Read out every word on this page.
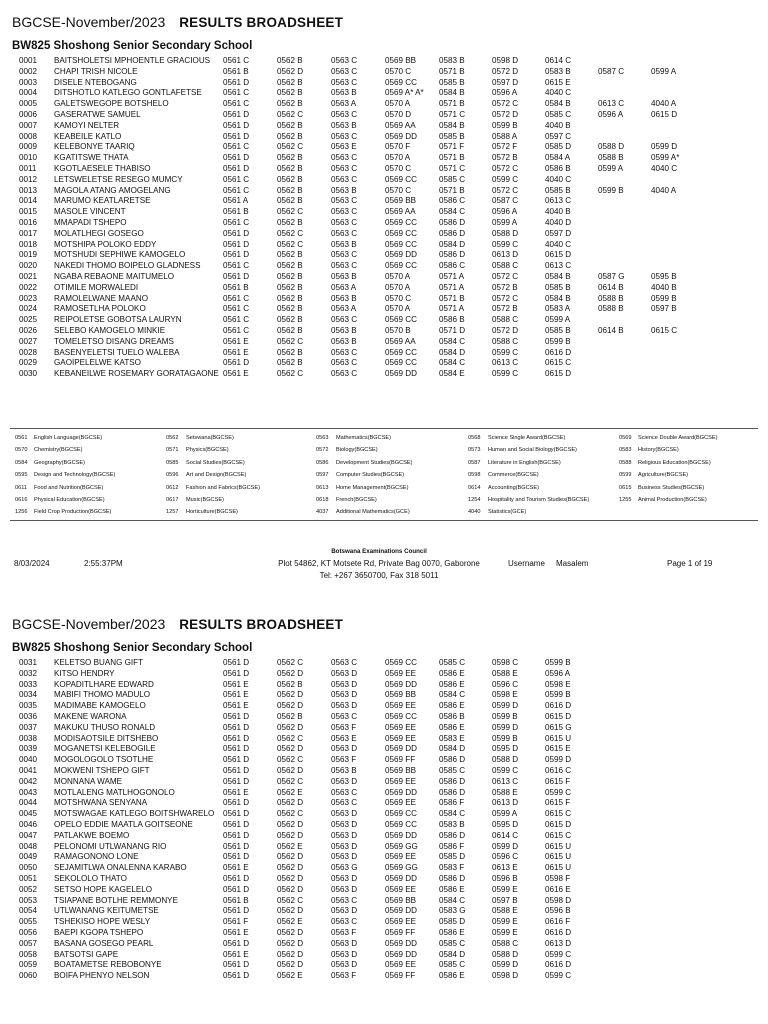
BGCSE-November/2023 RESULTS BROADSHEET
BW825 Shoshong Senior Secondary School
0001 BAITSHOLETSI MPHOENTLE GRACIOUS	0561 C	0562 B	0563 C	0569 BB	0583 B	0598 D	0614 C
0002 CHAPI TRISH NICOLE	0561 B	0562 D	0563 C	0570 C	0571 B	0572 D	0583 B	0587 C	0599 A
0003 DISELE NTEBOGANG	0561 D	0562 B	0563 C	0569 CC	0585 B	0597 D	0615 E
0004 DITSHOTLO KATLEGO GONTLAFETSE	0561 C	0562 B	0563 B	0569 A* A* 0584 B	0596 A	4040 C
0005 GALETSWEGOPE BOTSHELO	0561 C	0562 B	0563 A	0570 A	0571 B	0572 C	0584 B	0613 C	4040 A
0006 GASERATWE SAMUEL	0561 D	0562 C	0563 C	0570 D	0571 C	0572 D	0585 C	0596 A	0615 D
0007 KAMOYI NELTER	0561 D	0562 B	0563 B	0569 AA	0584 B	0599 B	4040 B
0008 KEABEILE KATLO	0561 D	0562 B	0563 C	0569 DD	0585 B	0588 A	0597 C
0009 KELEBONYE TAARIQ	0561 C	0562 C	0563 E	0570 F	0571 F	0572 F	0585 D	0588 D	0599 D
0010 KGATITSWE THATA	0561 D	0562 B	0563 C	0570 A	0571 B	0572 B	0584 A	0588 B	0599 A*
0011 KGOTLAESELE THABISO	0561 D	0562 B	0563 C	0570 C	0571 C	0572 C	0586 B	0599 A	4040 C
0012 LETSWELETSE RESEGO MUMCY	0561 C	0562 B	0563 C	0569 CC	0585 C	0599 C	4040 C
0013 MAGOLA ATANG AMOGELANG	0561 C	0562 B	0563 B	0570 C	0571 B	0572 C	0585 B	0599 B	4040 A
0014 MARUMO KEATLARETSE	0561 A	0562 B	0563 C	0569 BB	0586 C	0587 C	0613 C
0015 MASOLE VINCENT	0561 B	0562 C	0563 C	0569 AA	0584 C	0596 A	4040 B
0016 MMAPADI TSHEPO	0561 C	0562 B	0563 C	0569 CC	0586 D	0599 A	4040 D
0017 MOLATLHEGI GOSEGO	0561 D	0562 C	0563 C	0569 CC	0586 D	0588 D	0597 D
0018 MOTSHIPA POLOKO EDDY	0561 D	0562 C	0563 B	0569 CC	0584 D	0599 C	4040 C
0019 MOTSHUDI SEPHIWE KAMOGELO	0561 D	0562 B	0563 C	0569 DD	0586 D	0613 D	0615 D
0020 NAKEDI THOMO BOIPELO GLADNESS	0561 C	0562 B	0563 C	0569 CC	0586 C	0588 C	0613 C
0021 NGABA REBAONE MAITUMELO	0561 D	0562 B	0563 B	0570 A	0571 A	0572 C	0584 B	0587 G	0595 B
0022 OTIMILE MORWALEDI	0561 B	0562 B	0563 A	0570 A	0571 A	0572 B	0585 B	0614 B	4040 B
0023 RAMOLELWANE MAANO	0561 C	0562 B	0563 B	0570 C	0571 B	0572 C	0584 B	0588 B	0599 B
0024 RAMOSETLHA POLOKO	0561 C	0562 B	0563 A	0570 A	0571 A	0572 B	0583 A	0588 B	0597 B
0025 REIPOLETSE GOBOTSA LAURYN	0561 C	0562 B	0563 C	0569 CC	0586 B	0588 C	0599 A
0026 SELEBO KAMOGELO MINKIE	0561 C	0562 B	0563 B	0570 B	0571 D	0572 D	0585 B	0614 B	0615 C
0027 TOMELETSO DISANG DREAMS	0561 E	0562 C	0563 B	0569 AA	0584 C	0588 C	0599 B
0028 BASENYELETSI TUELO WALEBA	0561 E	0562 B	0563 C	0569 CC	0584 D	0599 C	0616 D
0029 GAOIPELELWE KATSO	0561 D	0562 B	0563 C	0569 CC	0584 C	0613 C	0615 C
0030 KEBANEILWE ROSEMARY GORATAGAONE 0561 E	0562 C	0563 C	0569 DD	0584 E	0599 C	0615 D
0561 English Language(BGCSE)	0562 Setswana(BGCSE)	0563 Mathematics(BGCSE)	0568 Science Single Award(BGCSE)	0569 Science Double Award(BGCSE)
0570 Chemistry(BGCSE)	0571 Physics(BGCSE)	0572 Biology(BGCSE)	0573 Human and Social Biology(BGCSE)	0583 History(BGCSE)
0584 Geography(BGCSE)	0585 Social Studies(BGCSE)	0586 Development Studies(BGCSE)	0587 Literature in English(BGCSE)	0588 Religious Education(BGCSE)
0595 Design and Technology(BGCSE)	0596 Art and Design(BGCSE)	0597 Computer Studies(BGCSE)	0598 Commerce(BGCSE)	0599 Agriculture(BGCSE)
0611 Food and Nutrition(BGCSE)	0612 Fashion and Fabrics(BGCSE)	0613 Home Management(BGCSE)	0614 Accounting(BGCSE)	0615 Business Studies(BGCSE)
0616 Physical Education(BGCSE)	0617 Music(BGCSE)	0618 French(BGCSE)	1254 Hospitality and Tourism Studies(BGCSE)	1255 Animal Production(BGCSE)
1256 Field Crop Production(BGCSE)	1257 Horticulture(BGCSE)	4037 Additional Mathematics(GCE)	4040 Statistics(GCE)
8/03/2024	2:55:37PM
Botswana Examinations Council
Plot 54862, KT Motsete Rd, Private Bag 0070, Gaborone
Tel: +267 3650700, Fax 318 5011
Username Masalem	Page 1 of 19
BGCSE-November/2023 RESULTS BROADSHEET
BW825 Shoshong Senior Secondary School
0031 KELETSO BUANG GIFT	0561 D	0562 C	0563 C	0569 CC	0585 C	0598 C	0599 B
0032 KITSO HENDRY	0561 D	0562 D	0563 D	0569 EE	0586 E	0588 E	0596 A
0033 KOPADITLHARE EDWARD	0561 E	0562 B	0563 D	0569 DD	0586 E	0596 C	0598 E
0034 MABIFI THOMO MADULO	0561 E	0562 D	0563 D	0569 BB	0584 C	0598 E	0599 B
0035 MADIMABE KAMOGELO	0561 E	0562 D	0563 D	0569 EE	0586 E	0599 D	0616 D
0036 MAKENE WARONA	0561 D	0562 B	0563 C	0569 CC	0586 B	0599 B	0615 D
0037 MAKUKU THUSO RONALD	0561 D	0562 D	0563 F	0569 EE	0586 E	0599 D	0615 G
0038 MODISAOTSILE DITSHEBO	0561 D	0562 C	0563 E	0569 EE	0583 E	0599 B	0615 U
0039 MOGANETSI KELEBOGILE	0561 D	0562 D	0563 D	0569 DD	0584 D	0595 D	0615 E
0040 MOGOLOGOLO TSOTLHE	0561 D	0562 C	0563 F	0569 FF	0586 D	0588 D	0599 D
0041 MOKWENI TSHEPO GIFT	0561 D	0562 D	0563 B	0569 BB	0585 C	0599 C	0616 C
0042 MONNANA WAME	0561 D	0562 C	0563 D	0569 EE	0586 D	0613 C	0615 F
0043 MOTLALENG MATLHOGONOLO	0561 E	0562 E	0563 C	0569 DD	0586 D	0588 E	0599 C
0044 MOTSHWANA SENYANA	0561 D	0562 D	0563 C	0569 EE	0586 F	0613 D	0615 F
0045 MOTSWAGAE KATLEGO BOITSHWARELO	0561 D	0562 C	0563 D	0569 CC	0584 C	0599 A	0615 C
0046 OPELO EDDIE MAATLA GOITSEONE	0561 D	0562 D	0563 D	0569 CC	0583 B	0595 D	0615 D
0047 PATLAKWE BOEMO	0561 D	0562 D	0563 D	0569 DD	0586 D	0614 C	0615 C
0048 PELONOMI UTLWANANG RIO	0561 D	0562 E	0563 D	0569 GG	0586 F	0599 D	0615 U
0049 RAMAGONONO LONE	0561 D	0562 D	0563 D	0569 EE	0585 D	0596 C	0615 U
0050 SEJAMITLWA ONALENNA KARABO	0561 E	0562 D	0563 G	0569 GG	0583 F	0613 E	0615 U
0051 SEKOLOLO THATO	0561 D	0562 D	0563 D	0569 DD	0586 D	0596 B	0598 F
0052 SETSO HOPE KAGELELO	0561 D	0562 D	0563 D	0569 EE	0586 E	0599 E	0616 E
0053 TSIAPANE BOTLHE REMMONYE	0561 B	0562 C	0563 C	0569 BB	0584 C	0597 B	0598 D
0054 UTLWANANG KEITUMETSE	0561 D	0562 D	0563 D	0569 DD	0583 G	0588 E	0596 B
0055 TSHEKISO HOPE WESLY	0561 F	0562 E	0563 C	0569 EE	0585 D	0599 E	0616 F
0056 BAEPI KGOPA TSHEPO	0561 E	0562 D	0563 F	0569 FF	0586 E	0599 E	0616 D
0057 BASANA GOSEGO PEARL	0561 D	0562 D	0563 D	0569 DD	0585 C	0588 C	0613 D
0058 BATSOTSI GAPE	0561 E	0562 D	0563 D	0569 DD	0584 D	0588 D	0599 C
0059 BOATAMETSE REBOBONYE	0561 D	0562 D	0563 D	0569 EE	0585 C	0599 D	0616 D
0060 BOIFA PHENYO NELSON	0561 D	0562 E	0563 F	0569 FF	0586 E	0598 D	0599 C
